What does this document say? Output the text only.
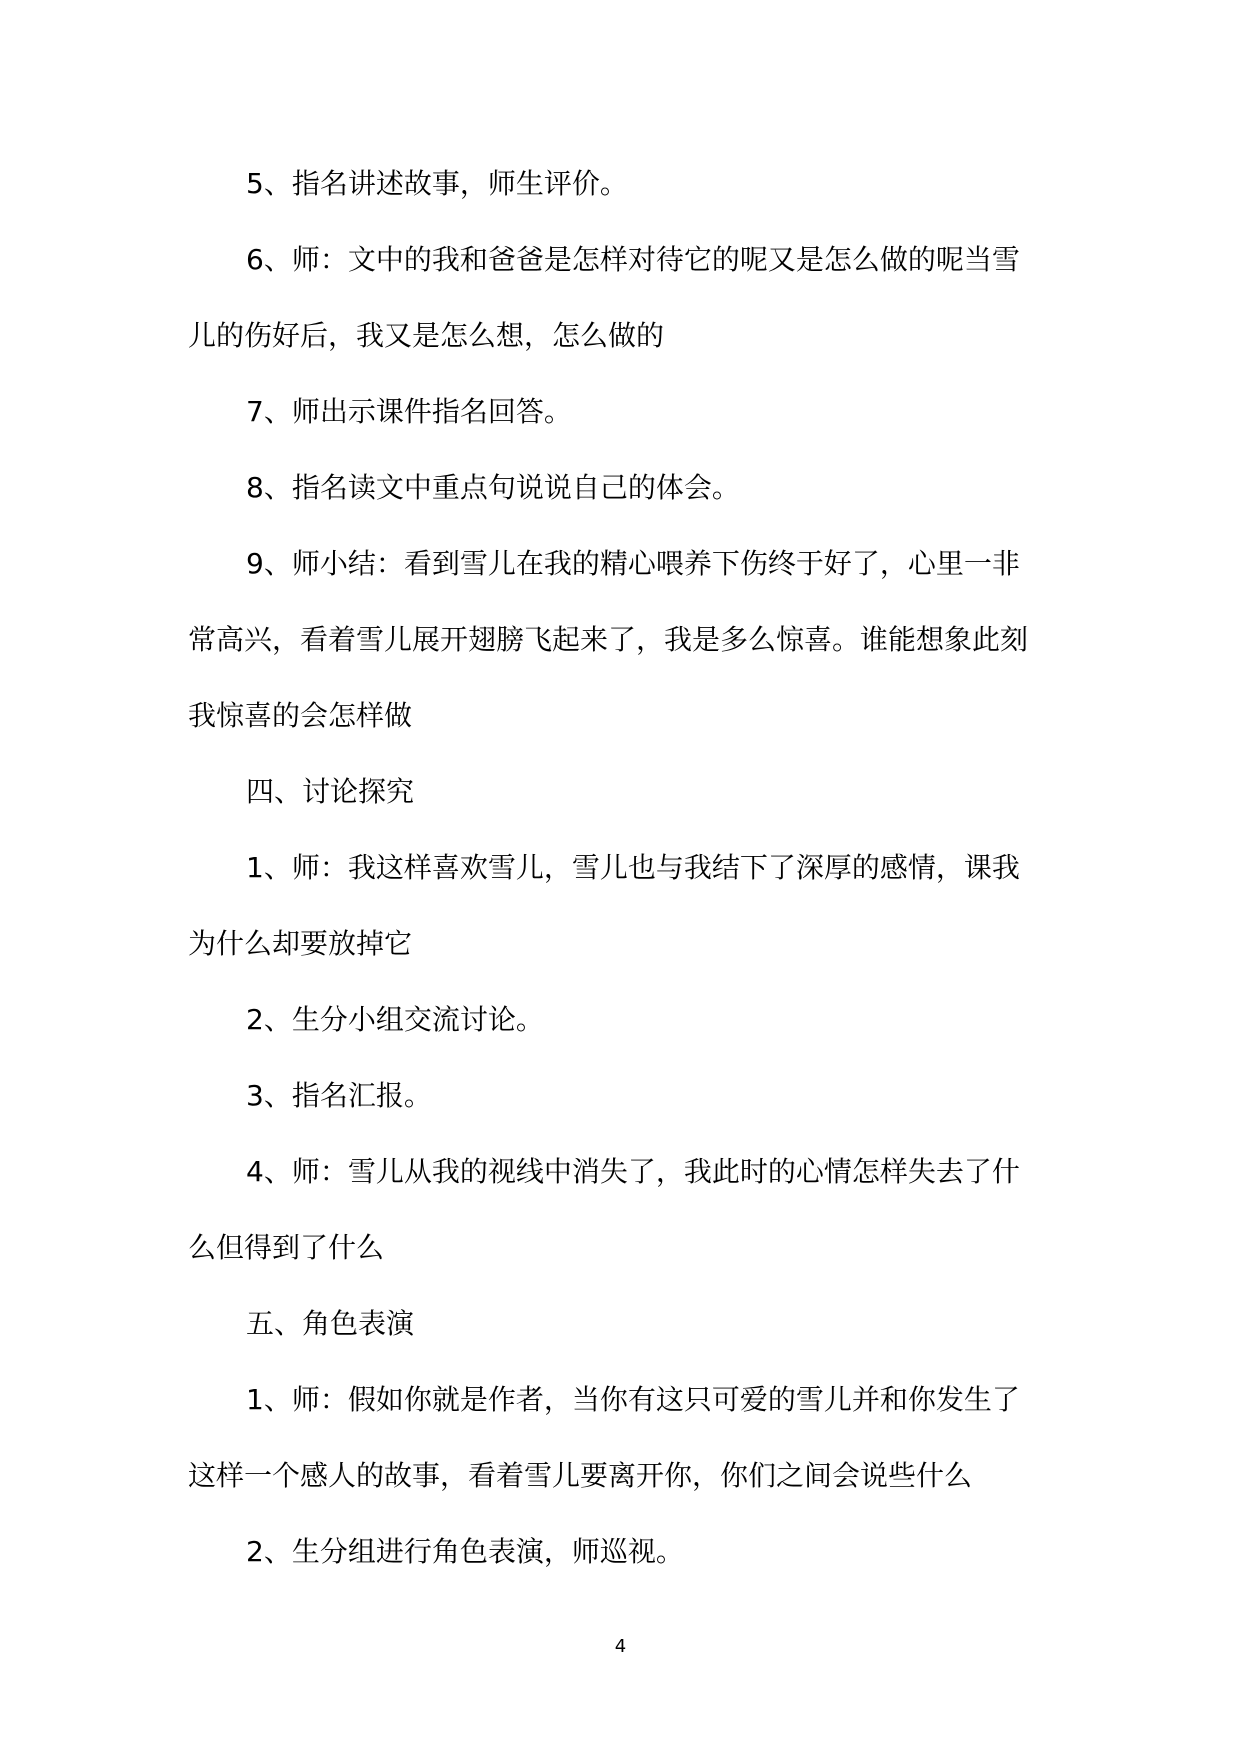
5、指名讲述故事，师生评价。

6、师：文中的我和爸爸是怎样对待它的呢又是怎么做的呢当雪
儿的伤好后，我又是怎么想，怎么做的

7、师出示课件指名回答。

8、指名读文中重点句说说自己的体会。

9、师小结：看到雪儿在我的精心喂养下伤终于好了，心里一非
常高兴，看着雪儿展开翅膀飞起来了，我是多么惊喜。谁能想象此刻
我惊喜的会怎样做

四、讨论探究

1、师：我这样喜欢雪儿，雪儿也与我结下了深厚的感情，课我
为什么却要放掉它

2、生分小组交流讨论。

3、指名汇报。

4、师：雪儿从我的视线中消失了，我此时的心情怎样失去了什
么但得到了什么

五、角色表演

1、师：假如你就是作者，当你有这只可爱的雪儿并和你发生了
这样一个感人的故事，看着雪儿要离开你，你们之间会说些什么

2、生分组进行角色表演，师巡视。

4
